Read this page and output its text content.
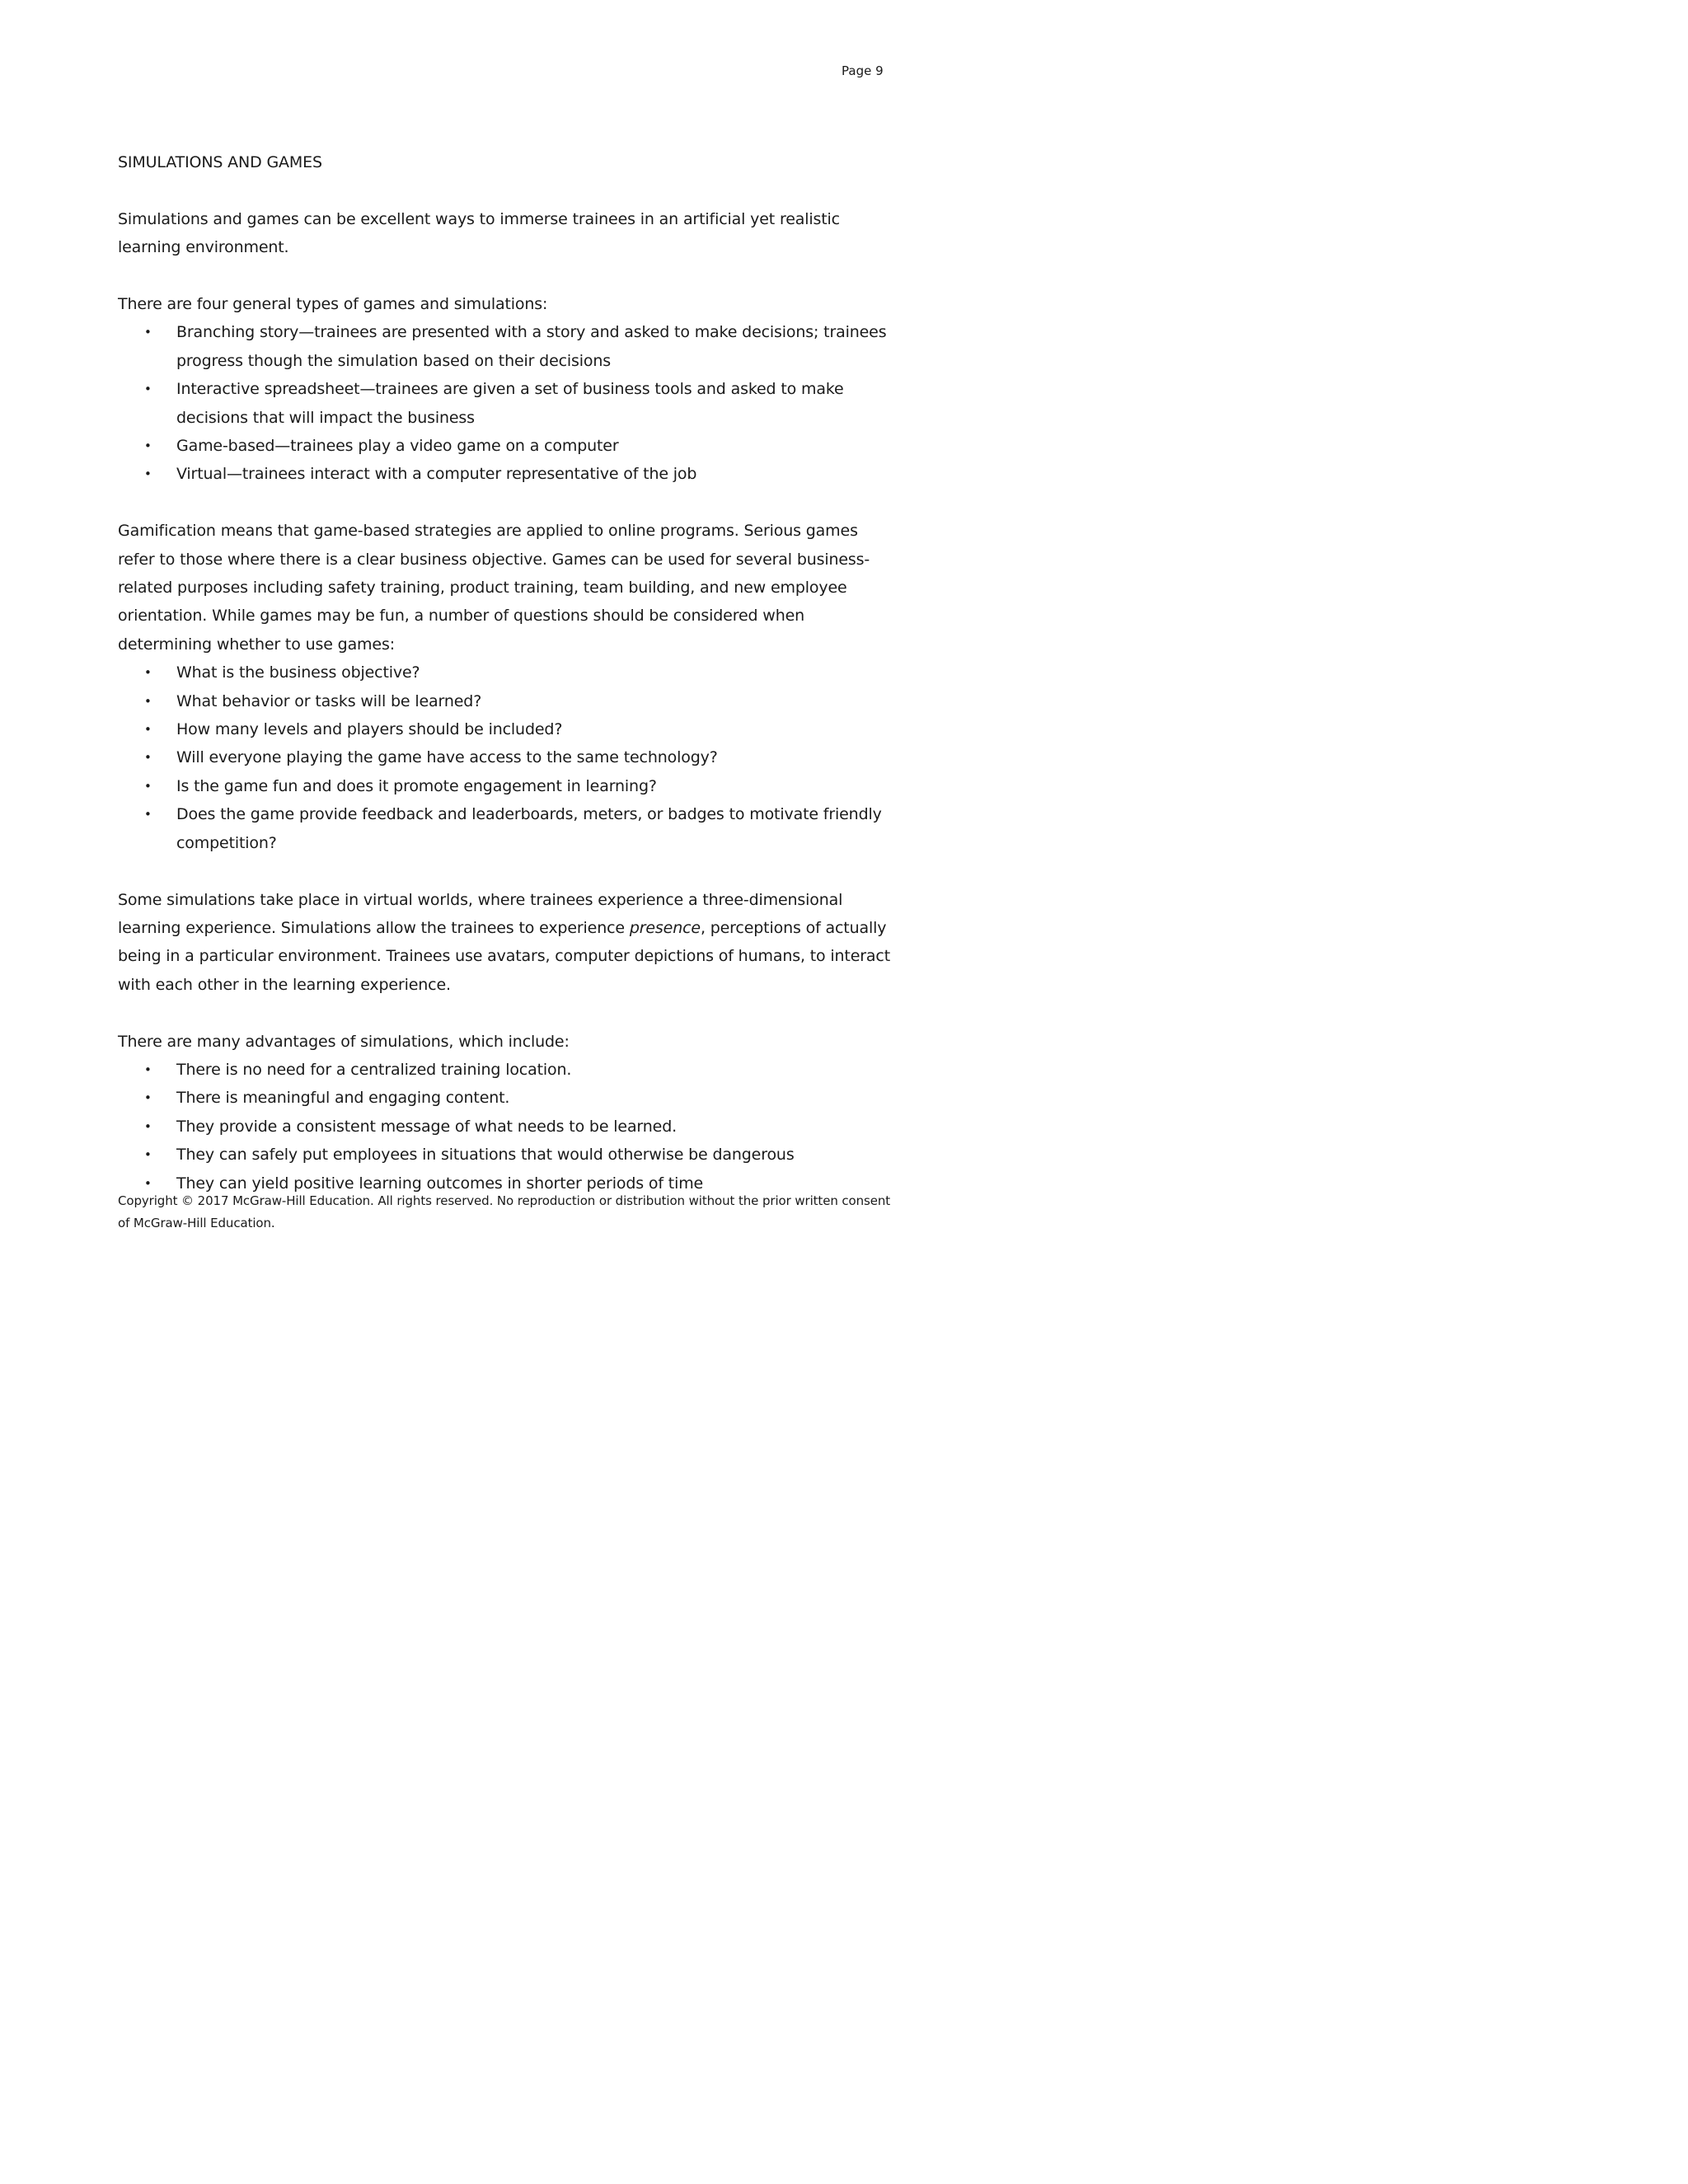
Page 9
SIMULATIONS AND GAMES

Simulations and games can be excellent ways to immerse trainees in an artificial yet realistic learning environment.

There are four general types of games and simulations:

• Branching story—trainees are presented with a story and asked to make decisions; trainees progress though the simulation based on their decisions
• Interactive spreadsheet—trainees are given a set of business tools and asked to make decisions that will impact the business
• Game-based—trainees play a video game on a computer
• Virtual—trainees interact with a computer representative of the job

Gamification means that game-based strategies are applied to online programs. Serious games refer to those where there is a clear business objective. Games can be used for several business-related purposes including safety training, product training, team building, and new employee orientation. While games may be fun, a number of questions should be considered when determining whether to use games:

• What is the business objective?
• What behavior or tasks will be learned?
• How many levels and players should be included?
• Will everyone playing the game have access to the same technology?
• Is the game fun and does it promote engagement in learning?
• Does the game provide feedback and leaderboards, meters, or badges to motivate friendly competition?

Some simulations take place in virtual worlds, where trainees experience a three-dimensional learning experience. Simulations allow the trainees to experience presence, perceptions of actually being in a particular environment. Trainees use avatars, computer depictions of humans, to interact with each other in the learning experience.

There are many advantages of simulations, which include:

• There is no need for a centralized training location.
• There is meaningful and engaging content.
• They provide a consistent message of what needs to be learned.
• They can safely put employees in situations that would otherwise be dangerous
• They can yield positive learning outcomes in shorter periods of time
Copyright © 2017 McGraw-Hill Education. All rights reserved. No reproduction or distribution without the prior written consent of McGraw-Hill Education.
